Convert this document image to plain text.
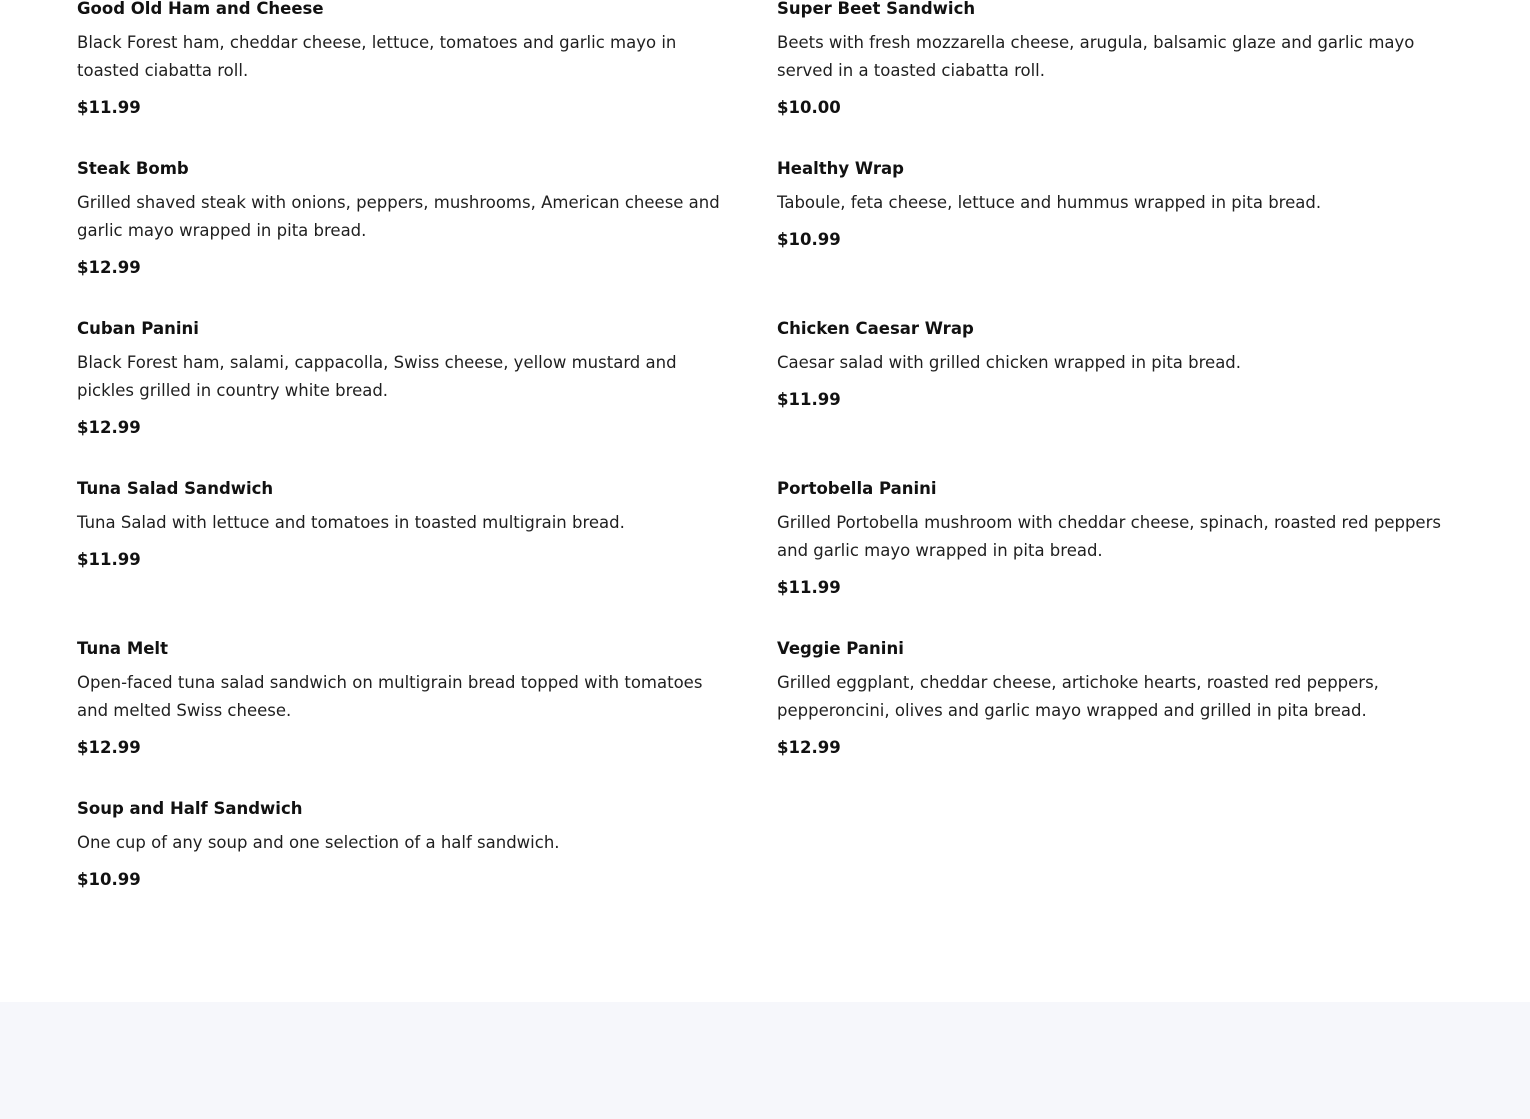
Good Old Ham and Cheese
Black Forest ham, cheddar cheese, lettuce, tomatoes and garlic mayo in toasted ciabatta roll.
$11.99
Steak Bomb
Grilled shaved steak with onions, peppers, mushrooms, American cheese and garlic mayo wrapped in pita bread.
$12.99
Cuban Panini
Black Forest ham, salami, cappacolla, Swiss cheese, yellow mustard and pickles grilled in country white bread.
$12.99
Tuna Salad Sandwich
Tuna Salad with lettuce and tomatoes in toasted multigrain bread.
$11.99
Tuna Melt
Open-faced tuna salad sandwich on multigrain bread topped with tomatoes and melted Swiss cheese.
$12.99
Soup and Half Sandwich
One cup of any soup and one selection of a half sandwich.
$10.99
Super Beet Sandwich
Beets with fresh mozzarella cheese, arugula, balsamic glaze and garlic mayo served in a toasted ciabatta roll.
$10.00
Healthy Wrap
Taboule, feta cheese, lettuce and hummus wrapped in pita bread.
$10.99
Chicken Caesar Wrap
Caesar salad with grilled chicken wrapped in pita bread.
$11.99
Portobella Panini
Grilled Portobella mushroom with cheddar cheese, spinach, roasted red peppers and garlic mayo wrapped in pita bread.
$11.99
Veggie Panini
Grilled eggplant, cheddar cheese, artichoke hearts, roasted red peppers, pepperoncini, olives and garlic mayo wrapped and grilled in pita bread.
$12.99
